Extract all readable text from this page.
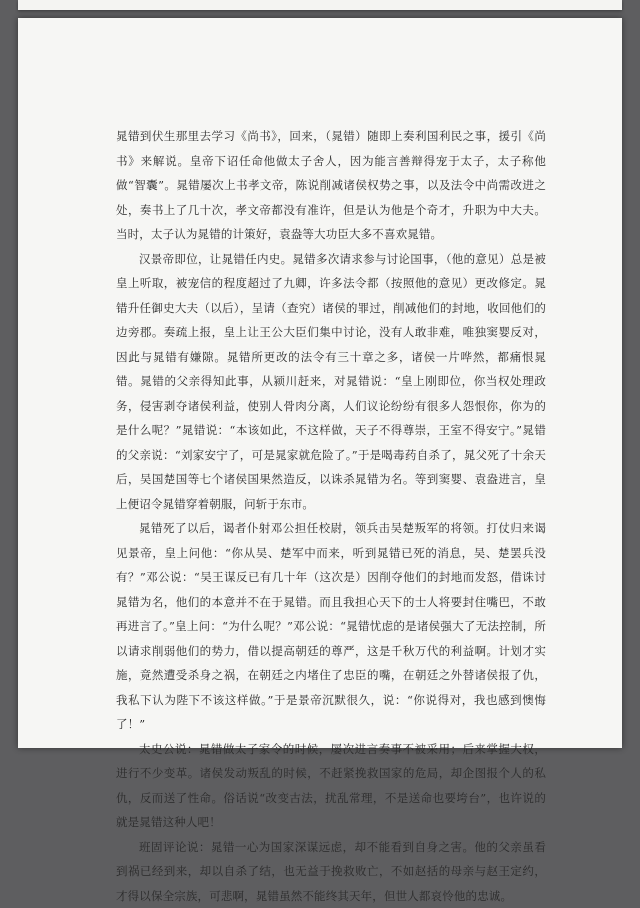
晁错到伏生那里去学习《尚书》，回来，（晁错）随即上奏利国利民之事，援引《尚书》来解说。皇帝下诏任命他做太子舍人，因为能言善辩得宠于太子，太子称他做“智囊”。晁错屡次上书孝文帝，陈说削减诸侯权势之事，以及法令中尚需改进之处，奏书上了几十次，孝文帝都没有准许，但是认为他是个奇才，升职为中大夫。当时，太子认为晁错的计策好，袁盎等大功臣大多不喜欢晁错。

汉景帝即位，让晁错任内史。晁错多次请求参与讨论国事，（他的意见）总是被皇上听取，被宠信的程度超过了九卿，许多法令都（按照他的意见）更改修定。晁错升任御史大夫（以后），呈请（查究）诸侯的罪过，削减他们的封地，收回他们的边旁郡。奏疏上报，皇上让王公大臣们集中讨论，没有人敢非难，唯独窦婴反对，因此与晁错有嫌隙。晁错所更改的法令有三十章之多，诸侯一片哗然，都痛恨晁错。晁错的父亲得知此事，从颍川赶来，对晁错说：“皇上刚即位，你当权处理政务，侵害剥夺诸侯利益，使别人骨肉分离，人们议论纷纷有很多人怨恨你，你为的是什么呢？”晁错说：“本该如此，不这样做，天子不得尊崇，王室不得安宁。”晁错的父亲说：“刘家安宁了，可是晁家就危险了。”于是喝毒药自杀了，晁父死了十余天后，吴国楚国等七个诸侯国果然造反，以诛杀晁错为名。等到窦婴、袁盎进言，皇上便诏令晁错穿着朝服，问斩于东市。

晁错死了以后，谒者仆射邓公担任校尉，领兵击吴楚叛军的将领。打仗归来谒见景帝，皇上问他：“你从吴、楚军中而来，听到晁错已死的消息，吴、楚罢兵没有？”邓公说：“吴王谋反已有几十年（这次是）因削夺他们的封地而发怒，借诛讨晁错为名，他们的本意并不在于晁错。而且我担心天下的士人将要封住嘴巴，不敢再进言了。”皇上问：“为什么呢？”邓公说：“晁错忧虑的是诸侯强大了无法控制，所以请求削弱他们的势力，借以提高朝廷的尊严，这是千秋万代的利益啊。计划才实施，竟然遭受杀身之祸，在朝廷之内堵住了忠臣的嘴，在朝廷之外替诸侯报了仇，我私下认为陛下不该这样做。”于是景帝沉默很久，说：“你说得对，我也感到懊悔了！”

太史公说：晁错做太子家令的时候，屡次进言奏事不被采用；后来掌握大权，进行不少变革。诸侯发动叛乱的时候，不赶紧挽救国家的危局，却企图报个人的私仇，反而送了性命。俗话说“改变古法，扰乱常理，不是送命也要垮台”，也许说的就是晁错这种人吧！

班固评论说：晁错一心为国家深谋远虑，却不能看到自身之害。他的父亲虽看到祸已经到来，却以自杀了结，也无益于挽救败亡，不如赵括的母亲与赵王定约，才得以保全宗族，可悲啊，晁错虽然不能终其天年，但世人都哀怜他的忠诚。
